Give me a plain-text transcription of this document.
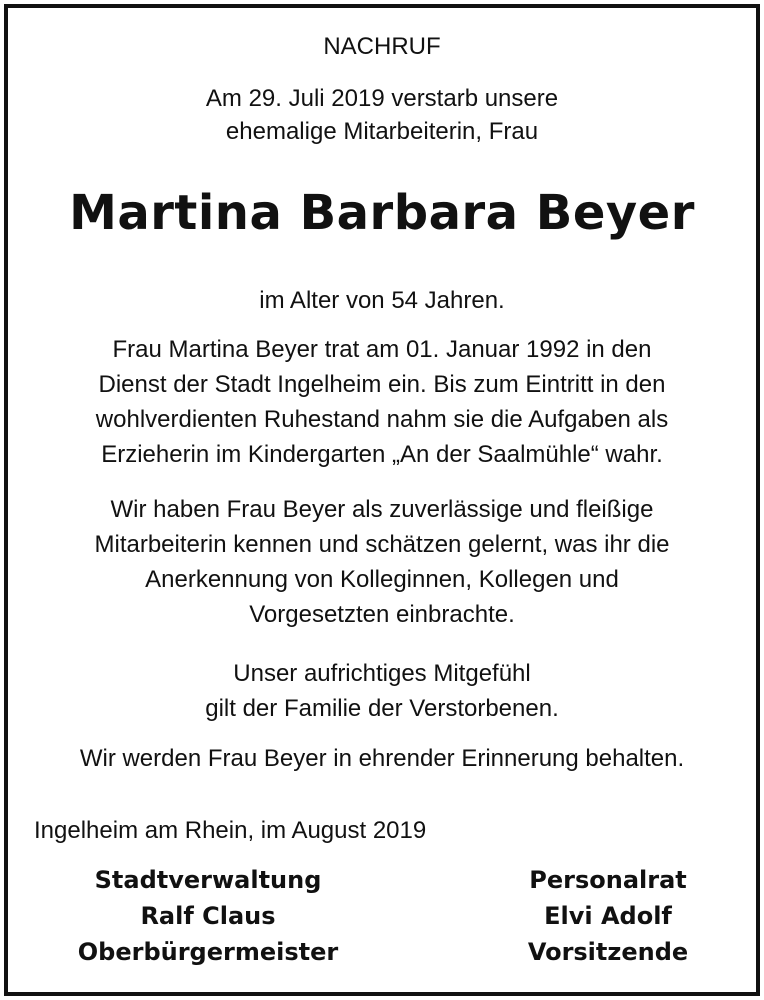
NACHRUF
Am 29. Juli 2019 verstarb unsere
ehemalige Mitarbeiterin, Frau
Martina Barbara Beyer
im Alter von 54 Jahren.
Frau Martina Beyer trat am 01. Januar 1992 in den
Dienst der Stadt Ingelheim ein. Bis zum Eintritt in den
wohlverdienten Ruhestand nahm sie die Aufgaben als
Erzieherin im Kindergarten „An der Saalmühle“ wahr.
Wir haben Frau Beyer als zuverlässige und fleißige
Mitarbeiterin kennen und schätzen gelernt, was ihr die
Anerkennung von Kolleginnen, Kollegen und
Vorgesetzten einbrachte.
Unser aufrichtiges Mitgefühl
gilt der Familie der Verstorbenen.
Wir werden Frau Beyer in ehrender Erinnerung behalten.
Ingelheim am Rhein, im August 2019
Stadtverwaltung
Ralf Claus
Oberbürgermeister
Personalrat
Elvi Adolf
Vorsitzende
